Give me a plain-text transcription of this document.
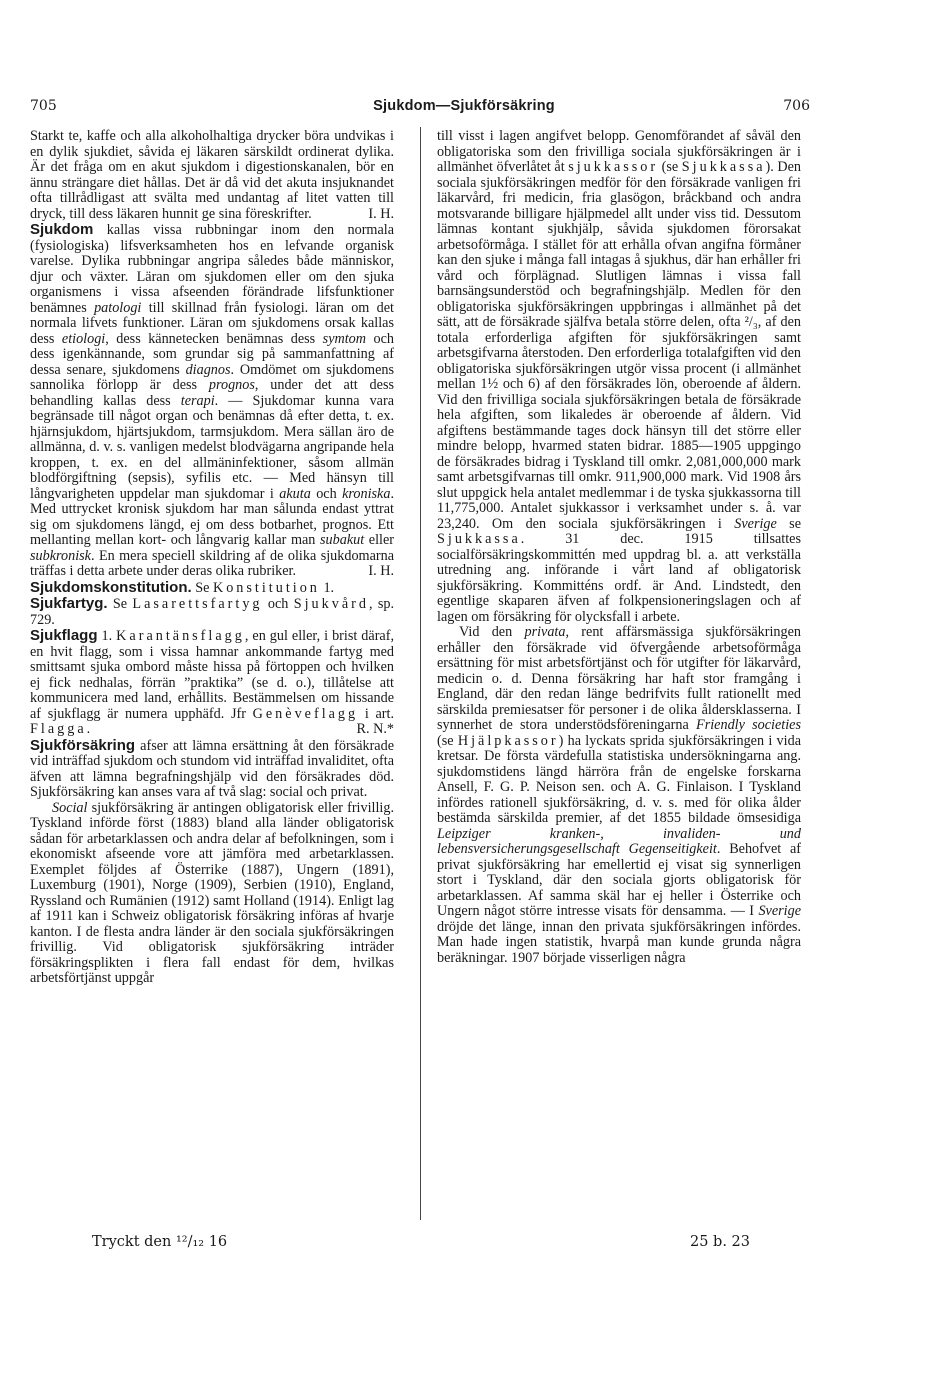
705	Sjukdom—Sjukförsäkring	706

Starkt te, kaffe och alla alkoholhaltiga drycker böra undvikas i en dylik sjukdiet, såvida ej läkaren särskildt ordinerat dylika. Är det fråga om en akut sjukdom i digestionskanalen, bör en ännu strängare diet hållas. Det är då vid det akuta insjuknandet ofta tillrådligast att svälta med undantag af litet vatten till dryck, till dess läkaren hunnit ge sina föreskrifter.	I. H.

Sjukdom kallas vissa rubbningar inom den normala (fysiologiska) lifsverksamheten hos en lefvande organisk varelse. Dylika rubbningar angripa således både människor, djur och växter. Läran om sjukdomen eller om den sjuka organismens i vissa afseenden förändrade lifsfunktioner benämnes patologi till skillnad från fysiologi. läran om det normala lifvets funktioner. Läran om sjukdomens orsak kallas dess etiologi, dess kännetecken benämnas dess symtom och dess igenkännande, som grundar sig på sammanfattning af dessa senare, sjukdomens diagnos. Omdömet om sjukdomens sannolika förlopp är dess prognos, under det att dess behandling kallas dess terapi. — Sjukdomar kunna vara begränsade till något organ och benämnas då efter detta, t. ex. hjärnsjukdom, hjärtsjukdom, tarmsjukdom. Mera sällan äro de allmänna, d. v. s. vanligen medelst blodvägarna angripande hela kroppen, t. ex. en del allmäninfektioner, såsom allmän blodförgiftning (sepsis), syfilis etc. — Med hänsyn till långvarigheten uppdelar man sjukdomar i akuta och kroniska. Med uttrycket kronisk sjukdom har man sålunda endast yttrat sig om sjukdomens längd, ej om dess botbarhet, prognos. Ett mellanting mellan kort- och långvarig kallar man subakut eller subkronisk. En mera speciell skildring af de olika sjukdomarna träffas i detta arbete under deras olika rubriker.	I. H.

Sjukdomskonstitution. Se Konstitution 1.

Sjukfartyg. Se Lasarettsfartyg och Sjukvård, sp. 729.

Sjukflagg 1. Karantänsflagg, en gul eller, i brist däraf, en hvit flagg, som i vissa hamnar ankommande fartyg med smittsamt sjuka ombord måste hissa på förtoppen och hvilken ej fick nedhalas, förrän ”praktika” (se d. o.), tillåtelse att kommunicera med land, erhållits. Bestämmelsen om hissande af sjukflagg är numera upphäfd. Jfr Genèveflagg i art. Flagga.	R. N.*

Sjukförsäkring afser att lämna ersättning åt den försäkrade vid inträffad sjukdom och stundom vid inträffad invaliditet, ofta äfven att lämna begrafningshjälp vid den försäkrades död. Sjukförsäkring kan anses vara af två slag: social och privat.

Social sjukförsäkring är antingen obligatorisk eller frivillig. Tyskland införde först (1883) bland alla länder obligatorisk sådan för arbetarklassen och andra delar af befolkningen, som i ekonomiskt afseende vore att jämföra med arbetarklassen. Exemplet följdes af Österrike (1887), Ungern (1891), Luxemburg (1901), Norge (1909), Serbien (1910), England, Ryssland och Rumänien (1912) samt Holland (1914). Enligt lag af 1911 kan i Schweiz obligatorisk försäkring införas af hvarje kanton. I de flesta andra länder är den sociala sjukförsäkringen frivillig. Vid obligatorisk sjukförsäkring inträder försäkringsplikten i flera fall endast för dem, hvilkas arbetsförtjänst uppgår

till visst i lagen angifvet belopp. Genomförandet af såväl den obligatoriska som den frivilliga sociala sjukförsäkringen är i allmänhet öfverlåtet åt sjukkassor (se Sjukkassa). Den sociala sjukförsäkringen medför för den försäkrade vanligen fri läkarvård, fri medicin, fria glasögon, bråckband och andra motsvarande billigare hjälpmedel allt under viss tid. Dessutom lämnas kontant sjukhjälp, såvida sjukdomen förorsakat arbetsoförmåga. I stället för att erhålla ofvan angifna förmåner kan den sjuke i många fall intagas å sjukhus, där han erhåller fri vård och förplägnad. Slutligen lämnas i vissa fall barnsängsunderstöd och begrafningshjälp. Medlen för den obligatoriska sjukförsäkringen uppbringas i allmänhet på det sätt, att de försäkrade själfva betala större delen, ofta ²/₃, af den totala erforderliga afgiften för sjukförsäkringen samt arbetsgifvarna återstoden. Den erforderliga totalafgiften vid den obligatoriska sjukförsäkringen utgör vissa procent (i allmänhet mellan 1½ och 6) af den försäkrades lön, oberoende af åldern. Vid den frivilliga sociala sjukförsäkringen betala de försäkrade hela afgiften, som likaledes är oberoende af åldern. Vid afgiftens bestämmande tages dock hänsyn till det större eller mindre belopp, hvarmed staten bidrar. 1885—1905 uppgingo de försäkrades bidrag i Tyskland till omkr. 2,081,000,000 mark samt arbetsgifvarnas till omkr. 911,900,000 mark. Vid 1908 års slut uppgick hela antalet medlemmar i de tyska sjukkassorna till 11,775,000. Antalet sjukkassor i verksamhet under s. å. var 23,240. Om den sociala sjukförsäkringen i Sverige se Sjukkassa. 31 dec. 1915 tillsattes socialförsäkringskommittén med uppdrag bl. a. att verkställa utredning ang. införande i vårt land af obligatorisk sjukförsäkring. Kommitténs ordf. är And. Lindstedt, den egentlige skaparen äfven af folkpensioneringslagen och af lagen om försäkring för olycksfall i arbete.

Vid den privata, rent affärsmässiga sjukförsäkringen erhåller den försäkrade vid öfvergående arbetsoförmåga ersättning för mist arbetsförtjänst och för utgifter för läkarvård, medicin o. d. Denna försäkring har haft stor framgång i England, där den redan länge bedrifvits fullt rationellt med särskilda premiesatser för personer i de olika åldersklasserna. I synnerhet de stora understödsföreningarna Friendly societies (se Hjälpkassor) ha lyckats sprida sjukförsäkringen i vida kretsar. De första värdefulla statistiska undersökningarna ang. sjukdomstidens längd härröra från de engelske forskarna Ansell, F. G. P. Neison sen. och A. G. Finlaison. I Tyskland infördes rationell sjukförsäkring, d. v. s. med för olika ålder bestämda särskilda premier, af det 1855 bildade ömsesidiga Leipziger kranken-, invaliden- und lebensversicherungsgesellschaft Gegenseitigkeit. Behofvet af privat sjukförsäkring har emellertid ej visat sig synnerligen stort i Tyskland, där den sociala gjorts obligatorisk för arbetarklassen. Af samma skäl har ej heller i Österrike och Ungern något större intresse visats för densamma. — I Sverige dröjde det länge, innan den privata sjukförsäkringen infördes. Man hade ingen statistik, hvarpå man kunde grunda några beräkningar. 1907 började visserligen några

Tryckt den ¹²/₁₂ 16	25 b. 23
